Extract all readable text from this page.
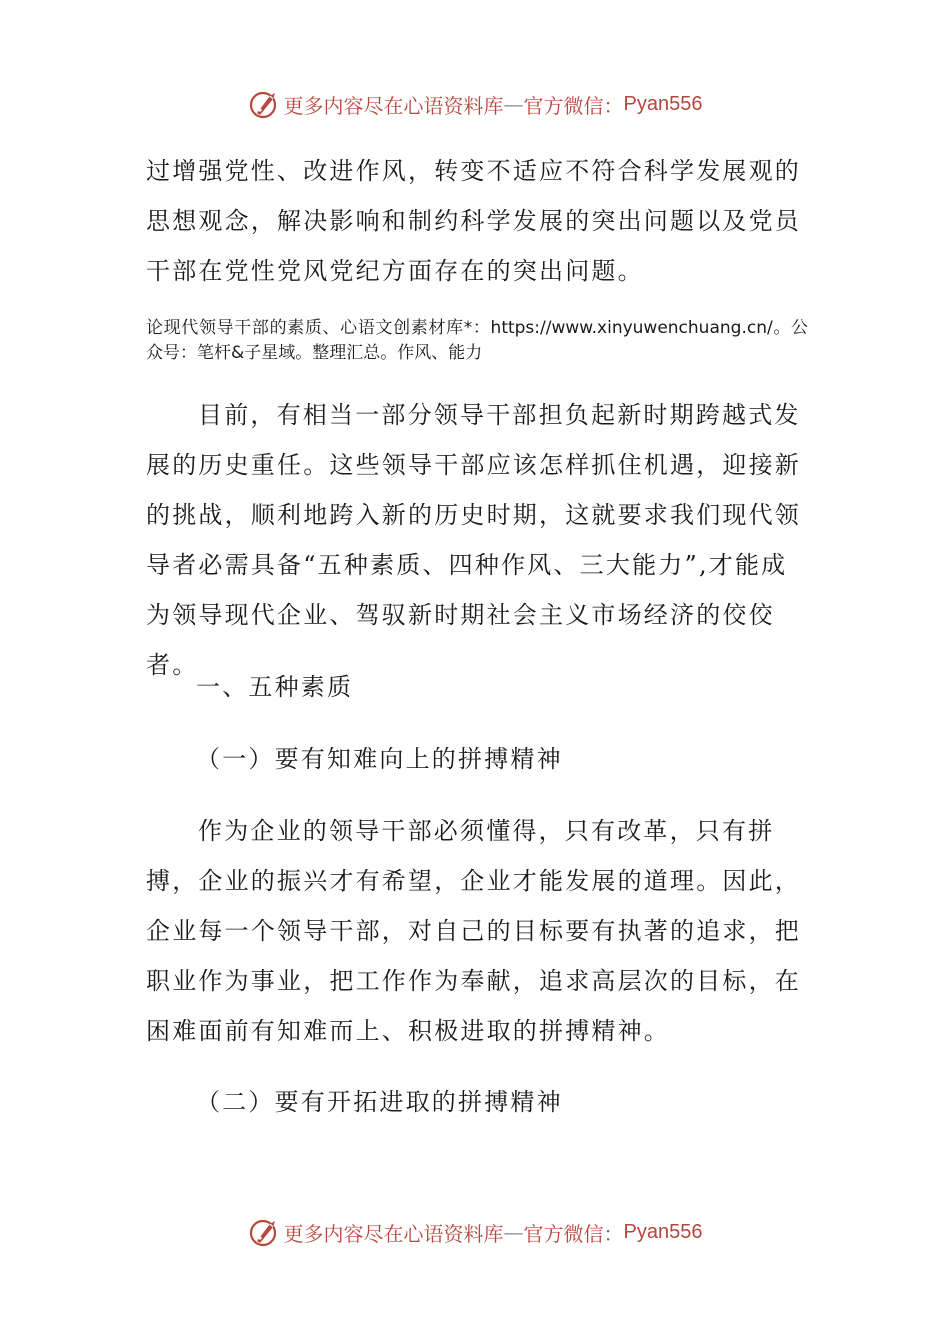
更多内容尽在心语资料库 — 官方微信： Pyan556

过增强党性、改进作风，转变不适应不符合科学发展观的思想观念，解决影响和制约科学发展的突出问题以及党员干部在党性党风党纪方面存在的突出问题。

论现代领导干部的素质、心语文创素材库*：https://www.xinyuwenchuang.cn/。公众号：笔杆&子星域。整理汇总。作风、能力

目前，有相当一部分领导干部担负起新时期跨越式发展的历史重任。这些领导干部应该怎样抓住机遇，迎接新的挑战，顺利地跨入新的历史时期，这就要求我们现代领导者必需具备“五种素质、四种作风、三大能力”,才能成为领导现代企业、驾驭新时期社会主义市场经济的佼佼者。

一、五种素质

（一）要有知难向上的拼搏精神

作为企业的领导干部必须懂得，只有改革，只有拼搏，企业的振兴才有希望，企业才能发展的道理。因此，企业每一个领导干部，对自己的目标要有执著的追求，把职业作为事业，把工作作为奉献，追求高层次的目标，在困难面前有知难而上、积极进取的拼搏精神。

（二）要有开拓进取的拼搏精神

更多内容尽在心语资料库 — 官方微信： Pyan556
